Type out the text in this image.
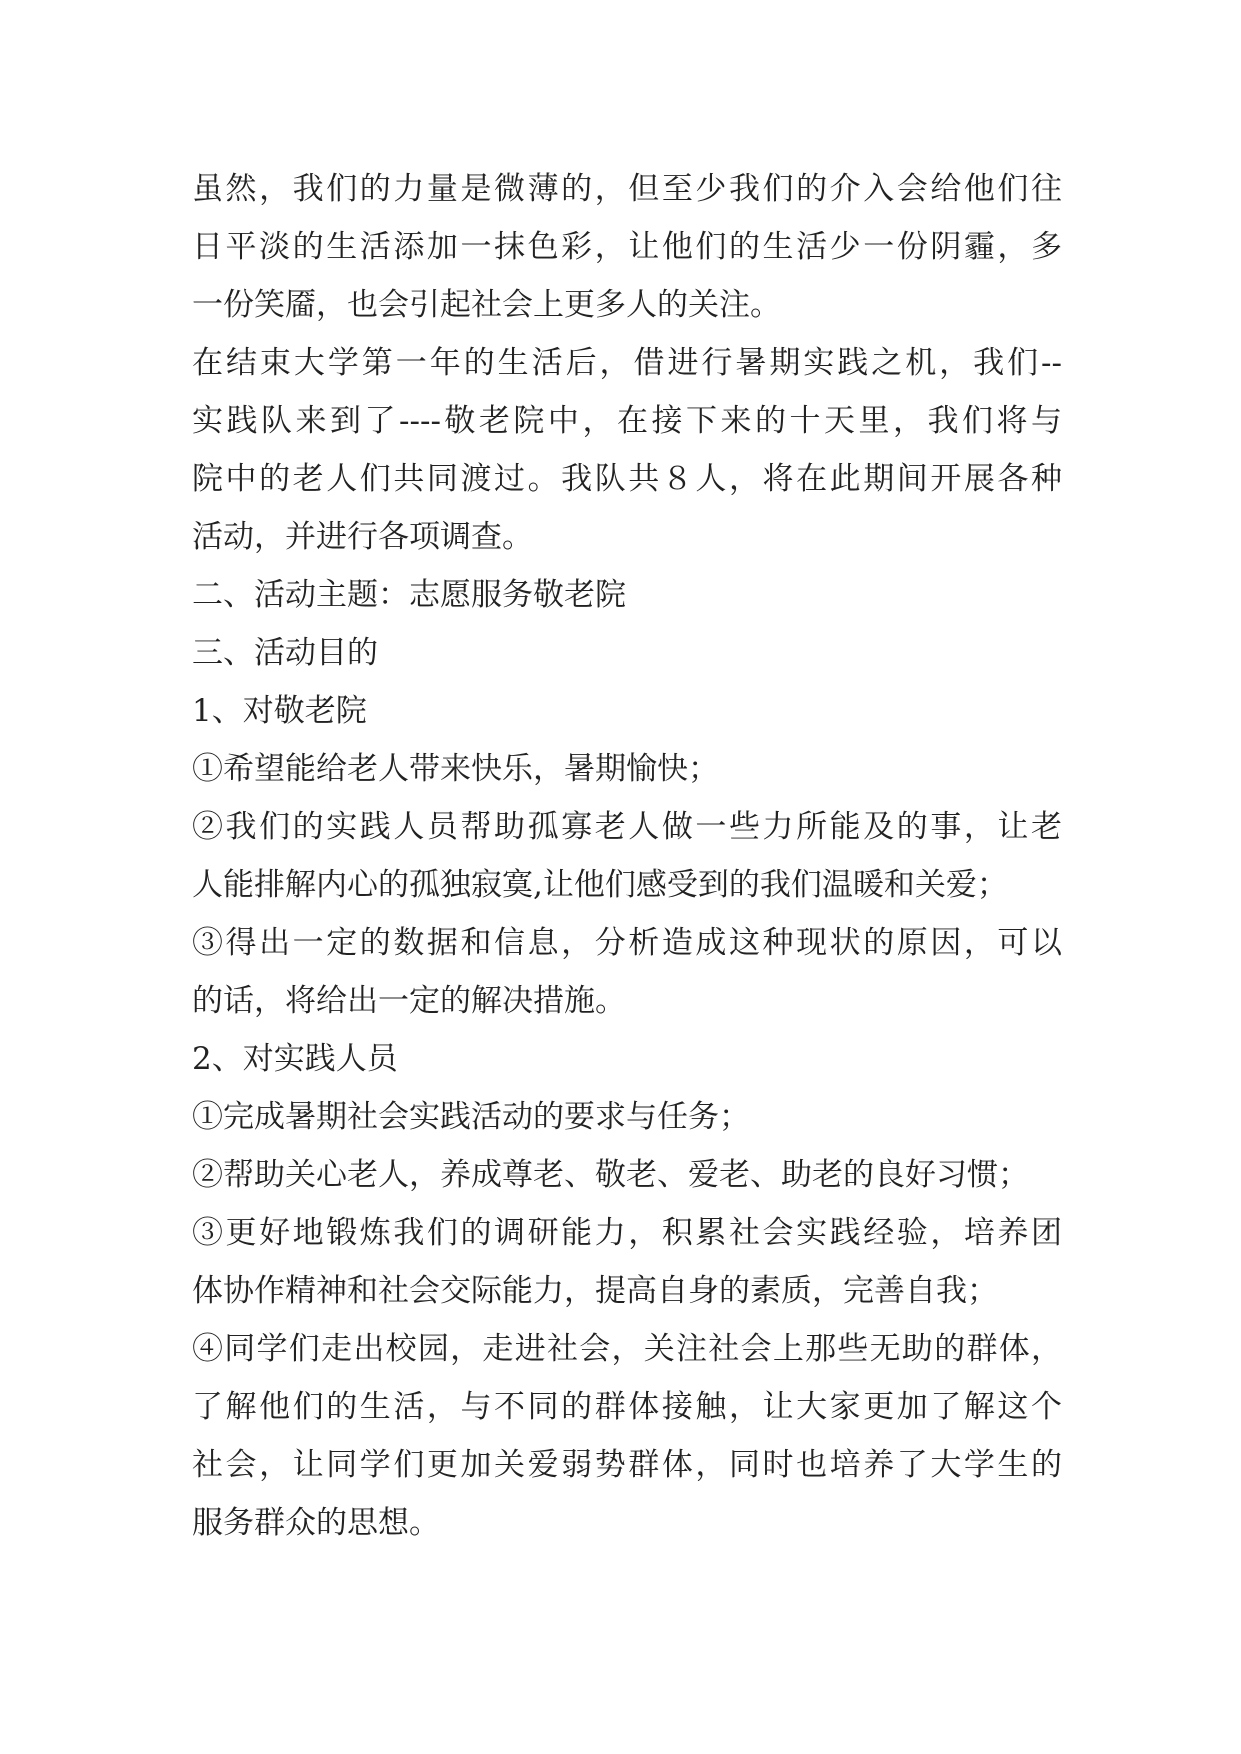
虽然，我们的力量是微薄的，但至少我们的介入会给他们往
日平淡的生活添加一抹色彩，让他们的生活少一份阴霾，多
一份笑靥，也会引起社会上更多人的关注。
在结束大学第一年的生活后，借进行暑期实践之机，我们--
实践队来到了----敬老院中，在接下来的十天里，我们将与
院中的老人们共同渡过。我队共８人，将在此期间开展各种
活动，并进行各项调查。
二、活动主题：志愿服务敬老院
三、活动目的
1、对敬老院
①希望能给老人带来快乐，暑期愉快；
②我们的实践人员帮助孤寡老人做一些力所能及的事，让老
人能排解内心的孤独寂寞,让他们感受到的我们温暖和关爱；
③得出一定的数据和信息，分析造成这种现状的原因，可以
的话，将给出一定的解决措施。
2、对实践人员
①完成暑期社会实践活动的要求与任务；
②帮助关心老人，养成尊老、敬老、爱老、助老的良好习惯；
③更好地锻炼我们的调研能力，积累社会实践经验，培养团
体协作精神和社会交际能力，提高自身的素质，完善自我；
④同学们走出校园，走进社会，关注社会上那些无助的群体，
了解他们的生活，与不同的群体接触，让大家更加了解这个
社会，让同学们更加关爱弱势群体，同时也培养了大学生的
服务群众的思想。
